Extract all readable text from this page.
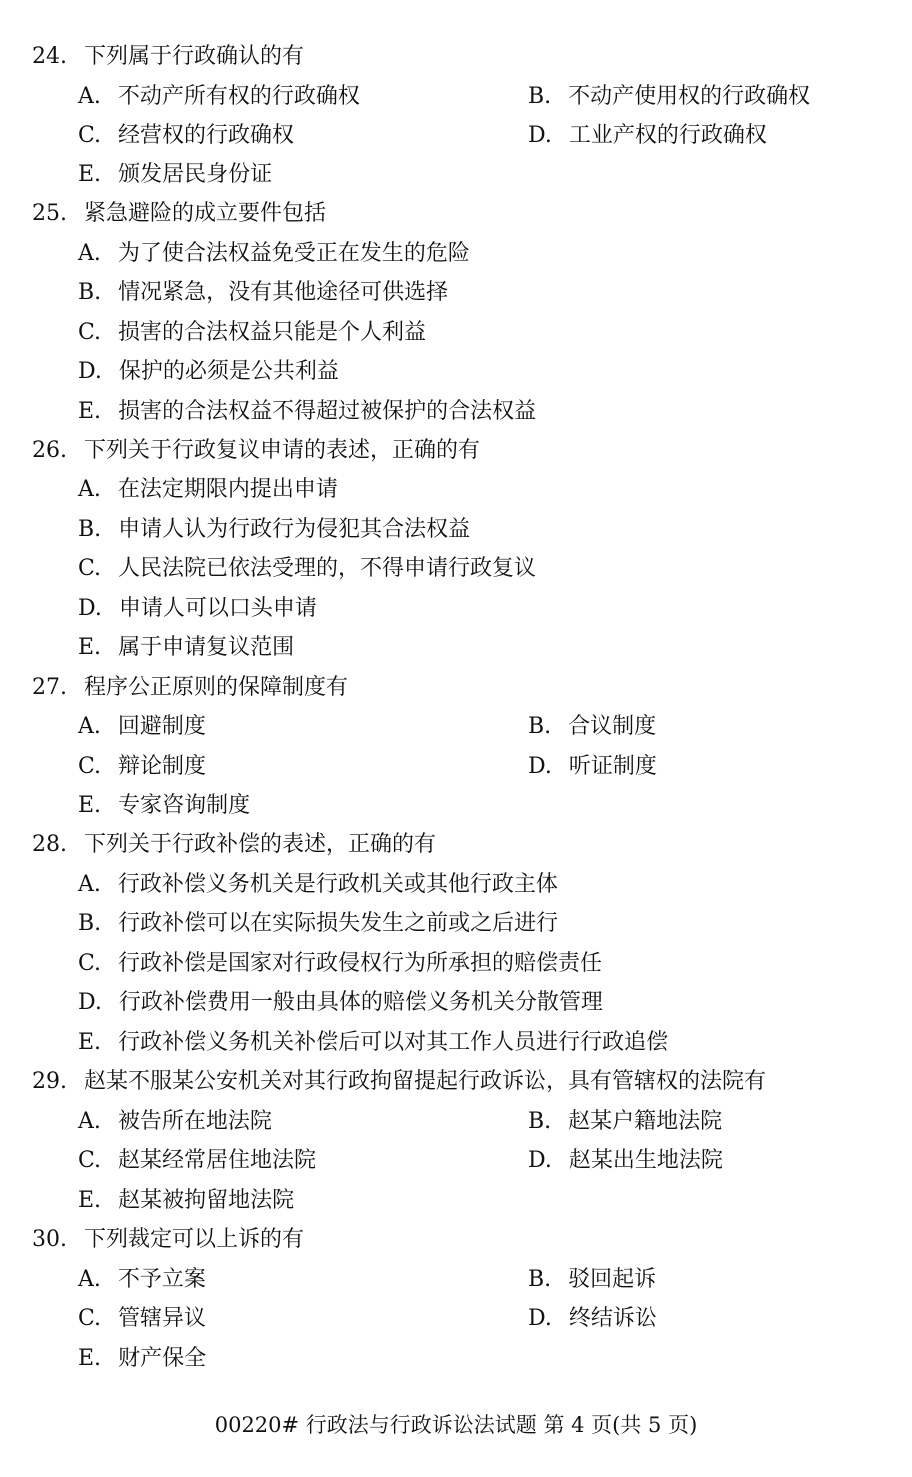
24. 下列属于行政确认的有
A. 不动产所有权的行政确权	B. 不动产使用权的行政确权
C. 经营权的行政确权	D. 工业产权的行政确权
E. 颁发居民身份证
25. 紧急避险的成立要件包括
A. 为了使合法权益免受正在发生的危险
B. 情况紧急，没有其他途径可供选择
C. 损害的合法权益只能是个人利益
D. 保护的必须是公共利益
E. 损害的合法权益不得超过被保护的合法权益
26. 下列关于行政复议申请的表述，正确的有
A. 在法定期限内提出申请
B. 申请人认为行政行为侵犯其合法权益
C. 人民法院已依法受理的，不得申请行政复议
D. 申请人可以口头申请
E. 属于申请复议范围
27. 程序公正原则的保障制度有
A. 回避制度	B. 合议制度
C. 辩论制度	D. 听证制度
E. 专家咨询制度
28. 下列关于行政补偿的表述，正确的有
A. 行政补偿义务机关是行政机关或其他行政主体
B. 行政补偿可以在实际损失发生之前或之后进行
C. 行政补偿是国家对行政侵权行为所承担的赔偿责任
D. 行政补偿费用一般由具体的赔偿义务机关分散管理
E. 行政补偿义务机关补偿后可以对其工作人员进行行政追偿
29. 赵某不服某公安机关对其行政拘留提起行政诉讼，具有管辖权的法院有
A. 被告所在地法院	B. 赵某户籍地法院
C. 赵某经常居住地法院	D. 赵某出生地法院
E. 赵某被拘留地法院
30. 下列裁定可以上诉的有
A. 不予立案	B. 驳回起诉
C. 管辖异议	D. 终结诉讼
E. 财产保全
00220# 行政法与行政诉讼法试题 第 4 页(共 5 页)
